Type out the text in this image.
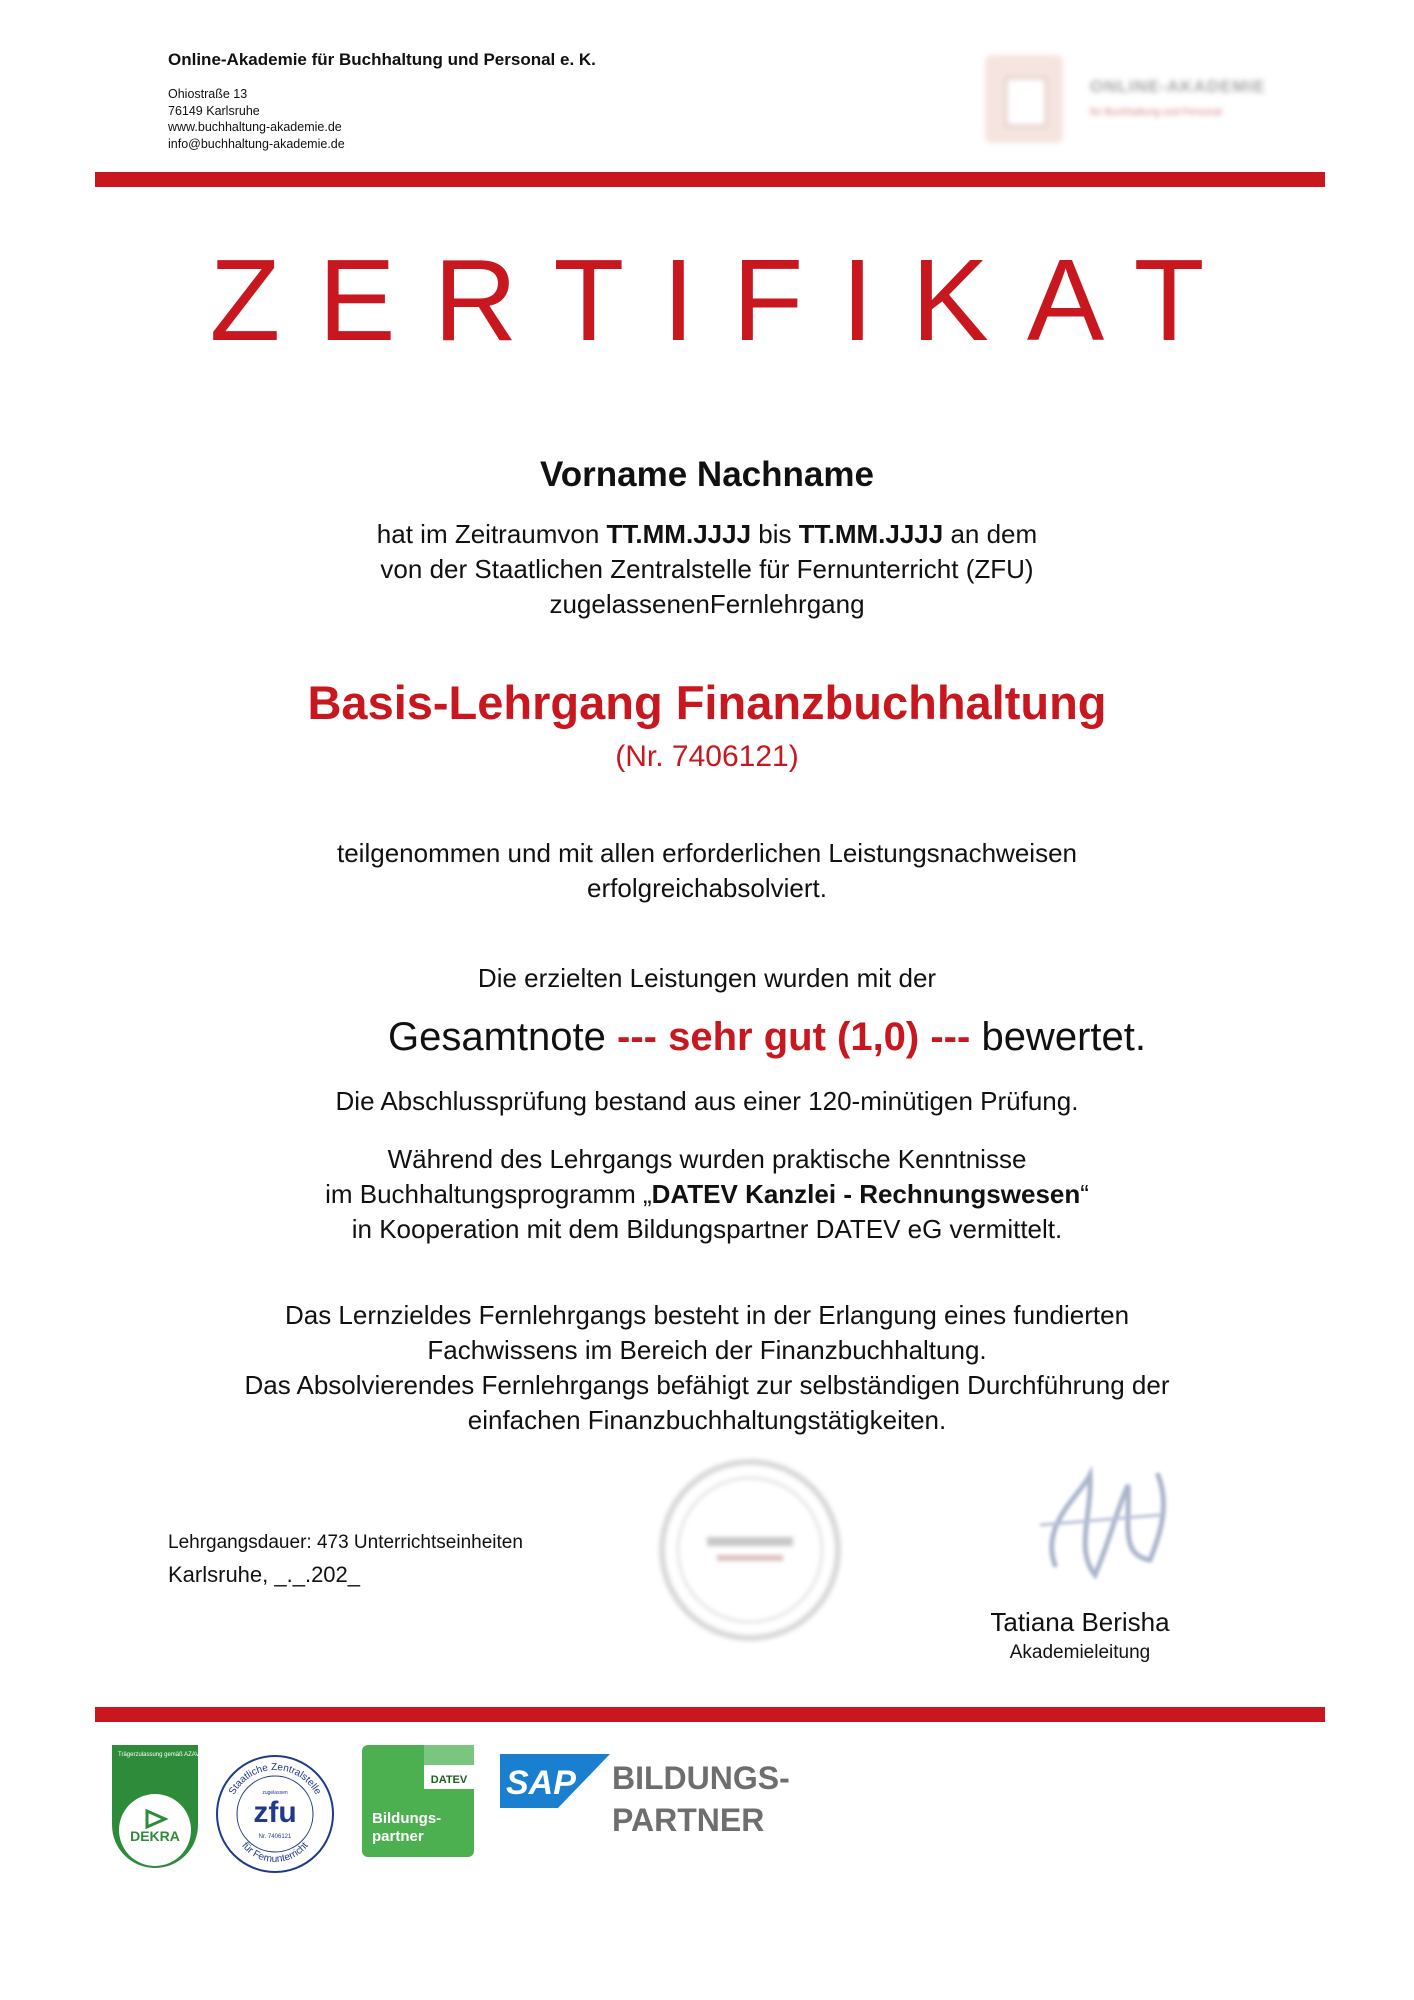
Online-Akademie für Buchhaltung und Personal e. K.
Ohiostraße 13
76149 Karlsruhe
www.buchhaltung-akademie.de
info@buchhaltung-akademie.de
ONLINE-AKADEMIE
für Buchhaltung und Personal
ZERTIFIKAT
Vorname Nachname
hat im Zeitraumvon TT.MM.JJJJ bis TT.MM.JJJJ an dem
von der Staatlichen Zentralstelle für Fernunterricht (ZFU)
zugelassenenFernlehrgang
Basis-Lehrgang Finanzbuchhaltung
(Nr. 7406121)
teilgenommen und mit allen erforderlichen Leistungsnachweisen
erfolgreichabsolviert.
Die erzielten Leistungen wurden mit der
Gesamtnote --- sehr gut (1,0) --- bewertet.
Die Abschlussprüfung bestand aus einer 120-minütigen Prüfung.
Während des Lehrgangs wurden praktische Kenntnisse
im Buchhaltungsprogramm „DATEV Kanzlei - Rechnungswesen“
in Kooperation mit dem Bildungspartner DATEV eG vermittelt.
Das Lernzieldes Fernlehrgangs besteht in der Erlangung eines fundierten
Fachwissens im Bereich der Finanzbuchhaltung.
Das Absolvierendes Fernlehrgangs befähigt zur selbständigen Durchführung der
einfachen Finanzbuchhaltungstätigkeiten.
Lehrgangsdauer: 473 Unterrichtseinheiten
Karlsruhe, _._.202_
Tatiana Berisha
Akademieleitung
Trägerzulassung gemäß AZAV
DEKRA
geprüft
Staatliche Zentralstelle
für Fernunterricht
zugelassen
zfu
Nr. 7406121
DATEV
Bildungs-
partner
SAP BILDUNGS-
PARTNER
